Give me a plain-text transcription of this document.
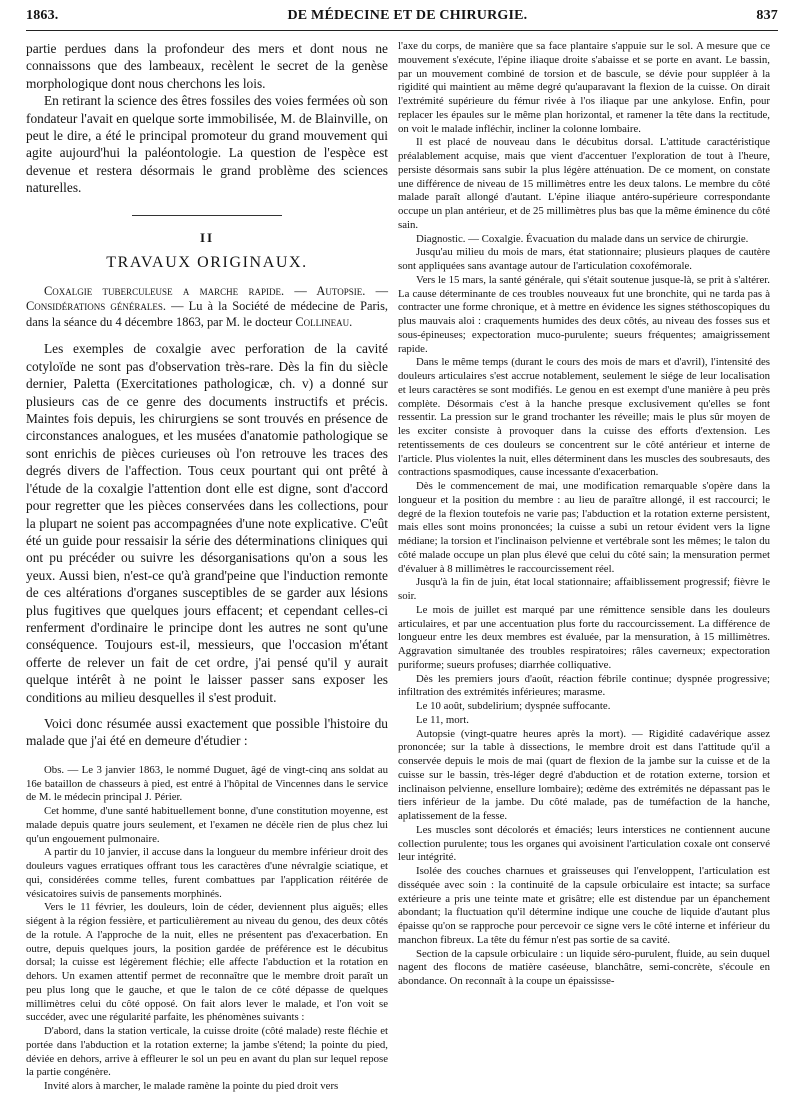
1863.	DE MÉDECINE ET DE CHIRURGIE.	837

partie perdues dans la profondeur des mers et dont nous ne connaissons que des lambeaux, recèlent le secret de la genèse morphologique dont nous cherchons les lois.

En retirant la science des êtres fossiles des voies fermées où son fondateur l'avait en quelque sorte immobilisée, M. de Blainville, on peut le dire, a été le principal promoteur du grand mouvement qui agite aujourd'hui la paléontologie. La question de l'espèce est devenue et restera désormais le grand problème des sciences naturelles.

II
TRAVAUX ORIGINAUX.

Coxalgie tuberculeuse a marche rapide. — Autopsie. — Considérations générales. — Lu à la Société de médecine de Paris, dans la séance du 4 décembre 1863, par M. le docteur Collineau.

Les exemples de coxalgie avec perforation de la cavité cotyloïde ne sont pas d'observation très-rare. Dès la fin du siècle dernier, Paletta (Exercitationes pathologicæ, ch. v) a donné sur plusieurs cas de ce genre des documents instructifs et précis. Maintes fois depuis, les chirurgiens se sont trouvés en présence de circonstances analogues, et les musées d'anatomie pathologique se sont enrichis de pièces curieuses où l'on retrouve les traces des degrés divers de l'affection. Tous ceux pourtant qui ont prêté à l'étude de la coxalgie l'attention dont elle est digne, sont d'accord pour regretter que les pièces conservées dans les collections, pour la plupart ne soient pas accompagnées d'une note explicative. C'eût été un guide pour ressaisir la série des déterminations cliniques qui ont pu précéder ou suivre les désorganisations qu'on a sous les yeux. Aussi bien, n'est-ce qu'à grand'peine que l'induction remonte de ces altérations d'organes susceptibles de se garder aux lésions plus fugitives que quelques jours effacent; et cependant celles-ci renferment d'ordinaire le principe dont les autres ne sont qu'une conséquence. Toujours est-il, messieurs, que l'occasion m'étant offerte de relever un fait de cet ordre, j'ai pensé qu'il y aurait quelque intérêt à ne point le laisser passer sans exposer les conditions au milieu desquelles il s'est produit.

Voici donc résumée aussi exactement que possible l'histoire du malade que j'ai été en demeure d'étudier :

Obs. — Le 3 janvier 1863, le nommé Duguet, âgé de vingt-cinq ans soldat au 16e bataillon de chasseurs à pied, est entré à l'hôpital de Vincennes dans le service de M. le médecin principal J. Périer.

Cet homme, d'une santé habituellement bonne, d'une constitution moyenne, est malade depuis quatre jours seulement, et l'examen ne décèle rien de plus chez lui qu'un engouement pulmonaire.

A partir du 10 janvier, il accuse dans la longueur du membre inférieur droit des douleurs vagues erratiques offrant tous les caractères d'une névralgie sciatique, et qui, considérées comme telles, furent combattues par l'application réitérée de vésicatoires suivis de pansements morphinés.

Vers le 11 février, les douleurs, loin de céder, deviennent plus aiguës; elles siégent à la région fessière, et particulièrement au niveau du genou, des deux côtés de la rotule. A l'approche de la nuit, elles ne présentent pas d'exacerbation. En outre, depuis quelques jours, la position gardée de préférence est le décubitus dorsal; la cuisse est légèrement fléchie; elle affecte l'abduction et la rotation en dehors. Un examen attentif permet de reconnaître que le membre droit paraît un peu plus long que le gauche, et que le talon de ce côté dépasse de quelques millimètres celui du côté opposé. On fait alors lever le malade, et l'on voit se succéder, avec une régularité parfaite, les phénomènes suivants :

D'abord, dans la station verticale, la cuisse droite (côté malade) reste fléchie et portée dans l'abduction et la rotation externe; la jambe s'étend; la pointe du pied, déviée en dehors, arrive à effleurer le sol un peu en avant du plan sur lequel repose la partie congénère.

Invité alors à marcher, le malade ramène la pointe du pied droit vers

l'axe du corps, de manière que sa face plantaire s'appuie sur le sol. A mesure que ce mouvement s'exécute, l'épine iliaque droite s'abaisse et se porte en avant. Le bassin, par un mouvement combiné de torsion et de bascule, se dévie pour suppléer à la rigidité qui maintient au même degré qu'auparavant la flexion de la cuisse. On dirait l'extrémité supérieure du fémur rivée à l'os iliaque par une ankylose. Enfin, pour replacer les épaules sur le même plan horizontal, et ramener la tête dans la rectitude, on voit le malade infléchir, incliner la colonne lombaire.

Il est placé de nouveau dans le décubitus dorsal. L'attitude caractéristique préalablement acquise, mais que vient d'accentuer l'exploration de tout à l'heure, persiste désormais sans subir la plus légère atténuation. De ce moment, on constate une différence de niveau de 15 millimètres entre les deux talons. Le membre du côté malade paraît allongé d'autant. L'épine iliaque antéro-supérieure correspondante occupe un plan antérieur, et de 25 millimètres plus bas que la même éminence du côté sain.

Diagnostic. — Coxalgie. Évacuation du malade dans un service de chirurgie.

Jusqu'au milieu du mois de mars, état stationnaire; plusieurs plaques de cautère sont appliquées sans avantage autour de l'articulation coxofémorale.

Vers le 15 mars, la santé générale, qui s'était soutenue jusque-là, se prit à s'altérer. La cause déterminante de ces troubles nouveaux fut une bronchite, qui ne tarda pas à contracter une forme chronique, et à mettre en évidence les signes stéthoscopiques du plus mauvais aloi : craquements humides des deux côtés, au niveau des fosses sus et sous-épineuses; expectoration muco-purulente; sueurs fréquentes; amaigrissement rapide.

Dans le même temps (durant le cours des mois de mars et d'avril), l'intensité des douleurs articulaires s'est accrue notablement, seulement le siége de leur localisation et leurs caractères se sont modifiés. Le genou en est exempt d'une manière à peu près complète. Désormais c'est à la hanche presque exclusivement qu'elles se font ressentir. La pression sur le grand trochanter les réveille; mais le plus sûr moyen de les exciter consiste à provoquer dans la cuisse des efforts d'extension. Les retentissements de ces douleurs se concentrent sur le côté antérieur et interne de l'article. Plus violentes la nuit, elles déterminent dans les muscles des soubresauts, des contractions spasmodiques, cause incessante d'exacerbation.

Dès le commencement de mai, une modification remarquable s'opère dans la longueur et la position du membre : au lieu de paraître allongé, il est raccourci; le degré de la flexion toutefois ne varie pas; l'abduction et la rotation externe persistent, mais elles sont moins prononcées; la cuisse a subi un retour évident vers la ligne médiane; la torsion et l'inclinaison pelvienne et vertébrale sont les mêmes; le talon du côté malade occupe un plan plus élevé que celui du côté sain; la mensuration permet d'évaluer à 8 millimètres le raccourcissement réel.

Jusqu'à la fin de juin, état local stationnaire; affaiblissement progressif; fièvre le soir.

Le mois de juillet est marqué par une rémittence sensible dans les douleurs articulaires, et par une accentuation plus forte du raccourcissement. La différence de longueur entre les deux membres est évaluée, par la mensuration, à 15 millimètres. Aggravation simultanée des troubles respiratoires; râles caverneux; expectoration puriforme; sueurs profuses; diarrhée colliquative.

Dès les premiers jours d'août, réaction fébrile continue; dyspnée progressive; infiltration des extrémités inférieures; marasme.

Le 10 août, subdelirium; dyspnée suffocante.

Le 11, mort.

Autopsie (vingt-quatre heures après la mort). — Rigidité cadavérique assez prononcée; sur la table à dissections, le membre droit est dans l'attitude qu'il a conservée depuis le mois de mai (quart de flexion de la jambe sur la cuisse et de la cuisse sur le bassin, très-léger degré d'abduction et de rotation externe, torsion et inclinaison pelvienne, ensellure lombaire); œdème des extrémités ne dépassant pas le tiers inférieur de la jambe. Du côté malade, pas de tuméfaction de la hanche, aplatissement de la fesse.

Les muscles sont décolorés et émaciés; leurs interstices ne contiennent aucune collection purulente; tous les organes qui avoisinent l'articulation coxale ont conservé leur intégrité.

Isolée des couches charnues et graisseuses qui l'enveloppent, l'articulation est disséquée avec soin : la continuité de la capsule orbiculaire est intacte; sa surface extérieure a pris une teinte mate et grisâtre; elle est distendue par un épanchement abondant; la fluctuation qu'il détermine indique une couche de liquide d'autant plus épaisse qu'on se rapproche pour percevoir ce signe vers le côté interne et inférieur du manchon fibreux. La tête du fémur n'est pas sortie de sa cavité.

Section de la capsule orbiculaire : un liquide séro-purulent, fluide, au sein duquel nagent des flocons de matière caséeuse, blanchâtre, semi-concrète, s'écoule en abondance. On reconnaît à la coupe un épaississe-
